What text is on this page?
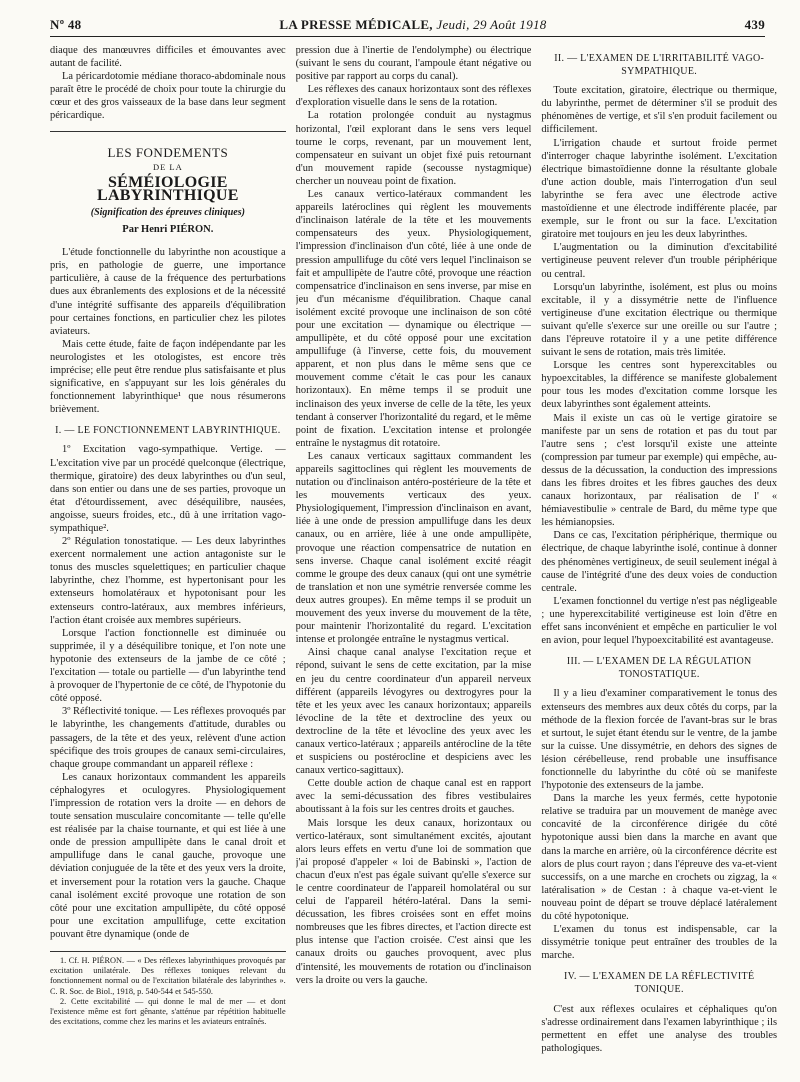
Nº 48	LA PRESSE MÉDICALE, Jeudi, 29 Août 1918	439

diaque des manœuvres difficiles et émouvantes avec autant de facilité.

La péricardotomie médiane thoraco-abdominale nous paraît être le procédé de choix pour toute la chirurgie du cœur et des gros vaisseaux de la base dans leur segment péricardique.

LES FONDEMENTS
DE LA
SÉMÉIOLOGIE LABYRINTHIQUE
(Signification des épreuves cliniques)
Par Henri PIÉRON.

L'étude fonctionnelle du labyrinthe non acoustique a pris, en pathologie de guerre, une importance particulière, à cause de la fréquence des perturbations dues aux ébranlements des explosions et de la nécessité d'une intégrité suffisante des appareils d'équilibration pour certaines fonctions, en particulier chez les pilotes aviateurs.

Mais cette étude, faite de façon indépendante par les neurologistes et les otologistes, est encore très imprécise; elle peut être rendue plus satisfaisante et plus significative, en s'appuyant sur les lois générales du fonctionnement labyrinthique¹ que nous résumerons brièvement.

I. — LE FONCTIONNEMENT LABYRINTHIQUE.

1º Excitation vago-sympathique. Vertige. — L'excitation vive par un procédé quelconque (électrique, thermique, giratoire) des deux labyrinthes ou d'un seul, dans son entier ou dans une de ses parties, provoque un état d'étourdissement, avec déséquilibre, nausées, angoisse, sueurs froides, etc., dû à une irritation vago-sympathique².

2º Régulation tonostatique. — Les deux labyrinthes exercent normalement une action antagoniste sur le tonus des muscles squelettiques; en particulier chaque labyrinthe, chez l'homme, est hypertonisant pour les extenseurs homolatéraux et hypotonisant pour les extenseurs contro-latéraux, aux membres inférieurs, l'action étant croisée aux membres supérieurs.

Lorsque l'action fonctionnelle est diminuée ou supprimée, il y a déséquilibre tonique, et l'on note une hypotonie des extenseurs de la jambe de ce côté ; l'excitation — totale ou partielle — d'un labyrinthe tend à provoquer de l'hypertonie de ce côté, de l'hypotonie du côté opposé.

3º Réflectivité tonique. — Les réflexes provoqués par le labyrinthe, les changements d'attitude, durables ou passagers, de la tête et des yeux, relèvent d'une action spécifique des trois groupes de canaux semi-circulaires, chaque groupe commandant un appareil réflexe :

Les canaux horizontaux commandent les appareils céphalogyres et oculogyres. Physiologiquement l'impression de rotation vers la droite — en dehors de toute sensation musculaire concomitante — telle qu'elle est réalisée par la chaise tournante, et qui est liée à une onde de pression ampullipète dans le canal droit et ampullifuge dans le canal gauche, provoque une déviation conjuguée de la tête et des yeux vers la droite, et inversement pour la rotation vers la gauche. Chaque canal isolément excité provoque une rotation de son côté pour une excitation ampullipète, du côté opposé pour une excitation ampullifuge, cette excitation pouvant être dynamique (onde de

1. Cf. H. PIÉRON. — « Des réflexes labyrinthiques provoqués par excitation unilatérale. Des réflexes toniques relevant du fonctionnement normal ou de l'excitation bilatérale des labyrinthes ». C. R. Soc. de Biol., 1918, p. 540-544 et 545-550.

2. Cette excitabilité — qui donne le mal de mer — et dont l'existence même est fort gênante, s'atténue par répétition habituelle des excitations, comme chez les marins et les aviateurs entraînés.

pression due à l'inertie de l'endolymphe) ou électrique (suivant le sens du courant, l'ampoule étant négative ou positive par rapport au corps du canal).

Les réflexes des canaux horizontaux sont des réflexes d'exploration visuelle dans le sens de la rotation.

La rotation prolongée conduit au nystagmus horizontal, l'œil explorant dans le sens vers lequel tourne le corps, revenant, par un mouvement lent, compensateur en suivant un objet fixé puis retournant d'un mouvement rapide (secousse nystagmique) chercher un nouveau point de fixation.

Les canaux vertico-latéraux commandent les appareils latéroclines qui règlent les mouvements d'inclinaison latérale de la tête et les mouvements compensateurs des yeux. Physiologiquement, l'impression d'inclinaison d'un côté, liée à une onde de pression ampullifuge du côté vers lequel l'inclinaison se fait et ampullipète de l'autre côté, provoque une réaction compensatrice d'inclinaison en sens inverse, par mise en jeu d'un mécanisme d'équilibration. Chaque canal isolément excité provoque une inclinaison de son côté pour une excitation — dynamique ou électrique — ampullipète, et du côté opposé pour une excitation ampullifuge (à l'inverse, cette fois, du mouvement apparent, et non plus dans le même sens que ce mouvement comme c'était le cas pour les canaux horizontaux). En même temps il se produit une inclinaison des yeux inverse de celle de la tête, les yeux tendant à conserver l'horizontalité du regard, et le même point de fixation. L'excitation intense et prolongée entraîne le nystagmus dit rotatoire.

Les canaux verticaux sagittaux commandent les appareils sagittoclines qui règlent les mouvements de nutation ou d'inclinaison antéro-postérieure de la tête et les mouvements verticaux des yeux. Physiologiquement, l'impression d'inclinaison en avant, liée à une onde de pression ampullifuge dans les deux canaux, ou en arrière, liée à une onde ampullipète, provoque une réaction compensatrice de nutation en sens inverse. Chaque canal isolément excité réagit comme le groupe des deux canaux (qui ont une symétrie de translation et non une symétrie renversée comme les deux autres groupes). En même temps il se produit un mouvement des yeux inverse du mouvement de la tête, pour maintenir l'horizontalité du regard. L'excitation intense et prolongée entraîne le nystagmus vertical.

Ainsi chaque canal analyse l'excitation reçue et répond, suivant le sens de cette excitation, par la mise en jeu du centre coordinateur d'un appareil nerveux différent (appareils lévogyres ou dextrogyres pour la tête et les yeux avec les canaux horizontaux; appareils lévocline de la tête et dextrocline des yeux ou dextrocline de la tête et lévocline des yeux avec les canaux vertico-latéraux ; appareils antérocline de la tête et suspiciens ou postérocline et despiciens avec les canaux vertico-sagittaux).

Cette double action de chaque canal est en rapport avec la semi-décussation des fibres vestibulaires aboutissant à la fois sur les centres droits et gauches.

Mais lorsque les deux canaux, horizontaux ou vertico-latéraux, sont simultanément excités, ajoutant alors leurs effets en vertu d'une loi de sommation que j'ai proposé d'appeler « loi de Babinski », l'action de chacun d'eux n'est pas égale suivant qu'elle s'exerce sur le centre coordinateur de l'appareil homolatéral ou sur celui de l'appareil hétéro-latéral. Dans la semi-décussation, les fibres croisées sont en effet moins nombreuses que les fibres directes, et l'action directe est plus intense que l'action croisée. C'est ainsi que les canaux droits ou gauches provoquent, avec plus d'intensité, les mouvements de rotation ou d'inclinaison vers la droite ou vers la gauche.

II. — L'EXAMEN DE L'IRRITABILITÉ VAGO-SYMPATHIQUE.

Toute excitation, giratoire, électrique ou thermique, du labyrinthe, permet de déterminer s'il se produit des phénomènes de vertige, et s'il s'en produit facilement ou difficilement.

L'irrigation chaude et surtout froide permet d'interroger chaque labyrinthe isolément. L'excitation électrique bimastoïdienne donne la résultante globale d'une action double, mais l'interrogation d'un seul labyrinthe se fera avec une électrode active mastoïdienne et une électrode indifférente placée, par exemple, sur le front ou sur la face. L'excitation giratoire met toujours en jeu les deux labyrinthes.

L'augmentation ou la diminution d'excitabilité vertigineuse peuvent relever d'un trouble périphérique ou central.

Lorsqu'un labyrinthe, isolément, est plus ou moins excitable, il y a dissymétrie nette de l'influence vertigineuse d'une excitation électrique ou thermique suivant qu'elle s'exerce sur une oreille ou sur l'autre ; dans l'épreuve rotatoire il y a une petite différence suivant le sens de rotation, mais très limitée.

Lorsque les centres sont hyperexcitables ou hypoexcitables, la différence se manifeste globalement pour tous les modes d'excitation comme lorsque les deux labyrinthes sont également atteints.

Mais il existe un cas où le vertige giratoire se manifeste par un sens de rotation et pas du tout par l'autre sens ; c'est lorsqu'il existe une atteinte (compression par tumeur par exemple) qui empêche, au-dessus de la décussation, la conduction des impressions dans les fibres droites et les fibres gauches des deux canaux horizontaux, par réalisation de l' « hémiavestibulie » centrale de Bard, du même type que les hémianopsies.

Dans ce cas, l'excitation périphérique, thermique ou électrique, de chaque labyrinthe isolé, continue à donner des phénomènes vertigineux, de seuil seulement inégal à cause de l'intégrité d'une des deux voies de conduction centrale.

L'examen fonctionnel du vertige n'est pas négligeable ; une hyperexcitabilité vertigineuse est loin d'être en effet sans inconvénient et empêche en particulier le vol en avion, pour lequel l'hypoexcitabilité est avantageuse.

III. — L'EXAMEN DE LA RÉGULATION TONOSTATIQUE.

Il y a lieu d'examiner comparativement le tonus des extenseurs des membres aux deux côtés du corps, par la méthode de la flexion forcée de l'avant-bras sur le bras et surtout, le sujet étant étendu sur le ventre, de la jambe sur la cuisse. Une dissymétrie, en dehors des signes de lésion cérébelleuse, rend probable une insuffisance fonctionnelle du labyrinthe du côté où se manifeste l'hypotonie des extenseurs de la jambe.

Dans la marche les yeux fermés, cette hypotonie relative se traduira par un mouvement de manège avec concavité de la circonférence dirigée du côté hypotonique aussi bien dans la marche en avant que dans la marche en arrière, où la circonférence décrite est alors de plus court rayon ; dans l'épreuve des va-et-vient successifs, on a une marche en crochets ou zigzag, la « latéralisation » de Cestan : à chaque va-et-vient le nouveau point de départ se trouve déplacé latéralement du côté hypotonique.

L'examen du tonus est indispensable, car la dissymétrie tonique peut entraîner des troubles de la marche.

IV. — L'EXAMEN DE LA RÉFLECTIVITÉ TONIQUE.

C'est aux réflexes oculaires et céphaliques qu'on s'adresse ordinairement dans l'examen labyrinthique ; ils permettent en effet une analyse des troubles pathologiques.
